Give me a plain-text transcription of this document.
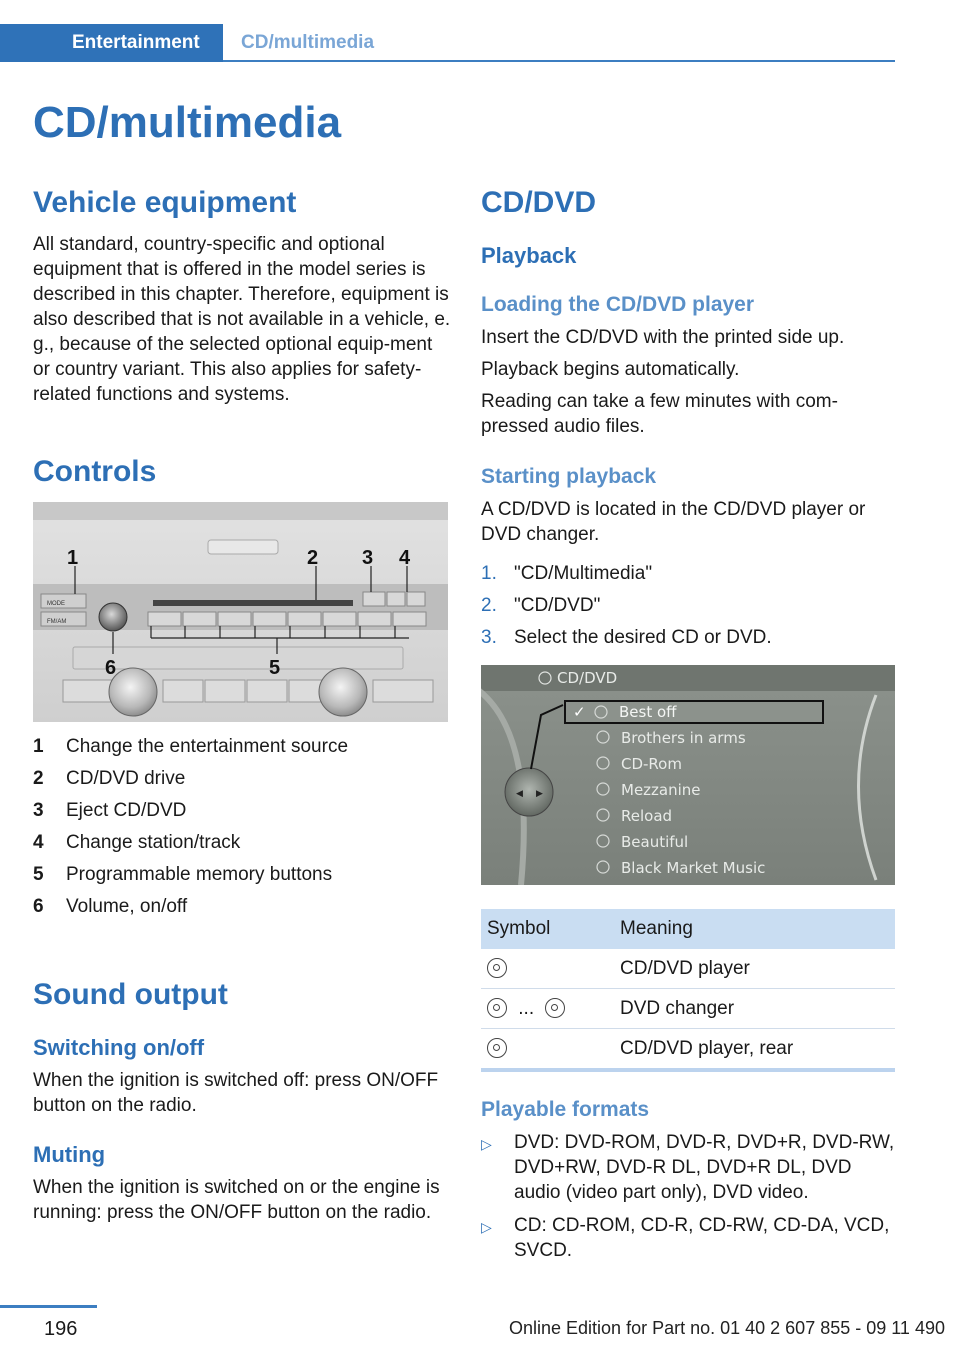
Entertainment CD/multimedia
CD/multimedia
Vehicle equipment

All standard, country-specific and optional equipment that is offered in the model series is described in this chapter. Therefore, equipment is also described that is not available in a vehicle, e. g., because of the selected optional equip-ment or country variant. This also applies for safety-related functions and systems.

Controls
MODE
FM/AM
1	2 3 4
5
6
1	Change the entertainment source
2	CD/DVD drive
3	Eject CD/DVD
4	Change station/track
5	Programmable memory buttons
6	Volume, on/off
Sound output
Switching on/off

When the ignition is switched off: press ON/OFF button on the radio.

Muting

When the ignition is switched on or the engine is running: press the ON/OFF button on the radio.

CD/DVD
Playback
Loading the CD/DVD player

Insert the CD/DVD with the printed side up.

Playback begins automatically.

Reading can take a few minutes with com-pressed audio files.

Starting playback

A CD/DVD is located in the CD/DVD player or DVD changer.

1. "CD/Multimedia"
2. "CD/DVD"
3. Select the desired CD or DVD.
◀ ▶
✓
CD/DVD
Best off
Brothers in arms
CD-Rom
Mezzanine
Reload
Beautiful
Black Market Music
Symbol	Meaning
	CD/DVD player
...	DVD changer
	CD/DVD player, rear
Playable formats
▷	DVD: DVD-ROM, DVD-R, DVD+R, DVD-RW, DVD+RW, DVD-R DL, DVD+R DL, DVD audio (video part only), DVD video.
▷	CD: CD-ROM, CD-R, CD-RW, CD-DA, VCD, SVCD.
196	Online Edition for Part no. 01 40 2 607 855 - 09 11 490
